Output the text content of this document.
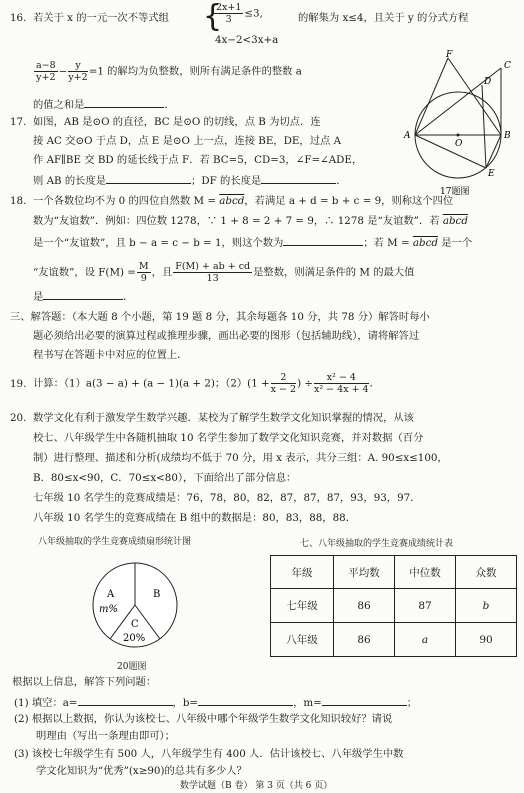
16. 若关于 x 的一元一次不等式组 {
$\frac{2x+1}{3} \le 3$,
4x−2<3x+a
的解集为 x≤4，且关于 y 的分式方程
$\frac{a-8}{y+2} - \frac{y}{y+2} =1$ 的解均为负整数，则所有满足条件的整数 a
的值之和是	．
F
C
D
A
O
B
E
17题图
17. 如图，AB 是⊙O 的直径，BC 是⊙O 的切线，点 B 为切点．连
接 AC 交⊙O 于点 D，点 E 是⊙O 上一点，连接 BE，DE，过点 A
作 AF∥BE 交 BD 的延长线于点 F．若 BC=5，CD=3，∠F=∠ADE，
则 AB 的长度是	；DF 的长度是	．
18. 一个各数位均不为 0 的四位自然数 M = abcd，若满足 a + d = b + c = 9，则称这个四位
数为“友谊数”．例如：四位数 1278，∵ 1 + 8 = 2 + 7 = 9，∴ 1278 是“友谊数”．若 abcd
是一个“友谊数”，且 b − a = c − b = 1，则这个数为	；若 M = abcd 是一个
“友谊数”，设 $F(M) = \frac{M}{9}$ ，且 $\frac{F(M) + ab + cd}{13}$ 是整数，则满足条件的 M 的最大值
是	．
三、解答题：（本大题 8 个小题，第 19 题 8 分，其余每题各 10 分，共 78 分）解答时每小
题必须给出必要的演算过程或推理步骤，画出必要的图形（包括辅助线），请将解答过
程书写在答题卡中对应的位置上．
19. 计算：（1）a(3 − a) + (a − 1)(a + 2)；$(2)(1 + \frac{2}{x - 2}$ ) ÷ $\frac{\text{x² − 4}}{\text{x² − 4x + 4}}$ ．
20. 数学文化有利于激发学生数学兴趣．某校为了解学生数学文化知识掌握的情况，从该
校七、八年级学生中各随机抽取 10 名学生参加了数学文化知识竞赛，并对数据（百分
制）进行整理、描述和分析(成绩均不低于 70 分，用 x 表示，共分三组：A. 90≤x≤100，
B．80≤x<90，C．70≤x<80），下面给出了部分信息：
七年级 10 名学生的竞赛成绩是：76，78，80，82，87，87，87，93，93，97．
八年级 10 名学生的竞赛成绩在 B 组中的数据是：80，83，88，88．
八年级抽取的学生竞赛成绩扇形统计图	七、八年级抽取的学生竞赛成绩统计表
A
m%
B
C
20%
20题图
年级	平均数	中位数	众数
七年级	86	87	b
八年级	86	a	90
根据以上信息，解答下列问题：
(1) 填空：a=	，b=	，m=	；
(2) 根据以上数据，你认为该校七、八年级中哪个年级学生数学文化知识较好？请说
明理由（写出一条理由即可）；
(3) 该校七年级学生有 500 人，八年级学生有 400 人．估计该校七、八年级学生中数
学文化知识为“优秀”(x≥90)的总共有多少人？
数学试题（B 卷） 第 3 页（共 6 页）
